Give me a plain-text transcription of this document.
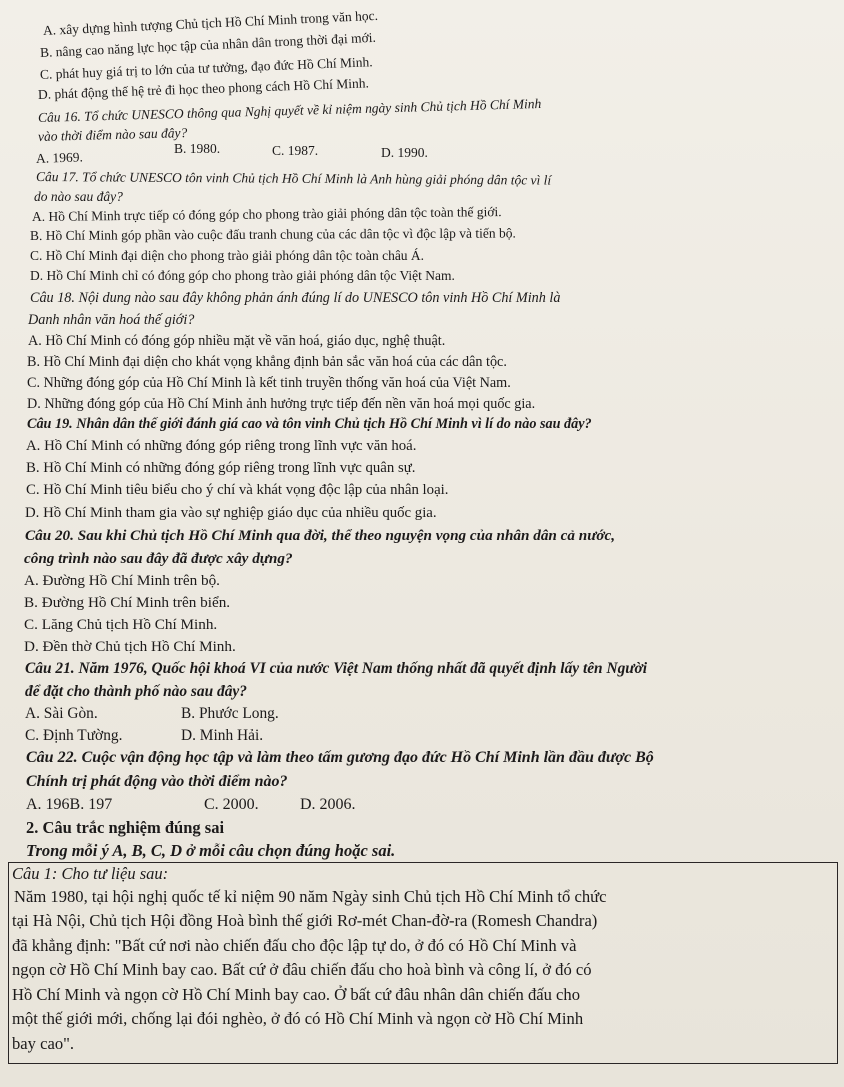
A. xây dựng hình tượng Chủ tịch Hồ Chí Minh trong văn học.
B. nâng cao năng lực học tập của nhân dân trong thời đại mới.
C. phát huy giá trị to lớn của tư tưởng, đạo đức Hồ Chí Minh.
D. phát động thế hệ trẻ đi học theo phong cách Hồ Chí Minh.
Câu 16. Tổ chức UNESCO thông qua Nghị quyết về kỉ niệm ngày sinh Chủ tịch Hồ Chí Minh
vào thời điểm nào sau đây?
A. 1969.
B. 1980.	C. 1987.	D. 1990.
Câu 17. Tổ chức UNESCO tôn vinh Chủ tịch Hồ Chí Minh là Anh hùng giải phóng dân tộc vì lí
do nào sau đây?
A. Hồ Chí Minh trực tiếp có đóng góp cho phong trào giải phóng dân tộc toàn thế giới.
B. Hồ Chí Minh góp phần vào cuộc đấu tranh chung của các dân tộc vì độc lập và tiến bộ.
C. Hồ Chí Minh đại diện cho phong trào giải phóng dân tộc toàn châu Á.
D. Hồ Chí Minh chỉ có đóng góp cho phong trào giải phóng dân tộc Việt Nam.
Câu 18. Nội dung nào sau đây không phản ánh đúng lí do UNESCO tôn vinh Hồ Chí Minh là
Danh nhân văn hoá thế giới?
A. Hồ Chí Minh có đóng góp nhiều mặt về văn hoá, giáo dục, nghệ thuật.
B. Hồ Chí Minh đại diện cho khát vọng khẳng định bản sắc văn hoá của các dân tộc.
C. Những đóng góp của Hồ Chí Minh là kết tinh truyền thống văn hoá của Việt Nam.
D. Những đóng góp của Hồ Chí Minh ảnh hưởng trực tiếp đến nền văn hoá mọi quốc gia.
Câu 19. Nhân dân thế giới đánh giá cao và tôn vinh Chủ tịch Hồ Chí Minh vì lí do nào sau đây?
A. Hồ Chí Minh có những đóng góp riêng trong lĩnh vực văn hoá.
B. Hồ Chí Minh có những đóng góp riêng trong lĩnh vực quân sự.
C. Hồ Chí Minh tiêu biểu cho ý chí và khát vọng độc lập của nhân loại.
D. Hồ Chí Minh tham gia vào sự nghiệp giáo dục của nhiều quốc gia.
Câu 20. Sau khi Chủ tịch Hồ Chí Minh qua đời, thể theo nguyện vọng của nhân dân cả nước,
công trình nào sau đây đã được xây dựng?
A. Đường Hồ Chí Minh trên bộ.
B. Đường Hồ Chí Minh trên biển.
C. Lăng Chủ tịch Hồ Chí Minh.
D. Đền thờ Chủ tịch Hồ Chí Minh.
Câu 21. Năm 1976, Quốc hội khoá VI của nước Việt Nam thống nhất đã quyết định lấy tên Người
để đặt cho thành phố nào sau đây?
A. Sài Gòn.	B. Phước Long.
C. Định Tường.	D. Minh Hải.
Câu 22. Cuộc vận động học tập và làm theo tấm gương đạo đức Hồ Chí Minh lần đầu được Bộ
Chính trị phát động vào thời điểm nào?
A. 196B. 197	C. 2000.	D. 2006.
2. Câu trắc nghiệm đúng sai
Trong mỗi ý A, B, C, D ở mỗi câu chọn đúng hoặc sai.
Câu 1: Cho tư liệu sau:
Năm 1980, tại hội nghị quốc tế kỉ niệm 90 năm Ngày sinh Chủ tịch Hồ Chí Minh tổ chức
tại Hà Nội, Chủ tịch Hội đồng Hoà bình thế giới Rơ-mét Chan-đờ-ra (Romesh Chandra)
đã khẳng định: "Bất cứ nơi nào chiến đấu cho độc lập tự do, ở đó có Hồ Chí Minh và
ngọn cờ Hồ Chí Minh bay cao. Bất cứ ở đâu chiến đấu cho hoà bình và công lí, ở đó có
Hồ Chí Minh và ngọn cờ Hồ Chí Minh bay cao. Ở bất cứ đâu nhân dân chiến đấu cho
một thế giới mới, chống lại đói nghèo, ở đó có Hồ Chí Minh và ngọn cờ Hồ Chí Minh
bay cao".
